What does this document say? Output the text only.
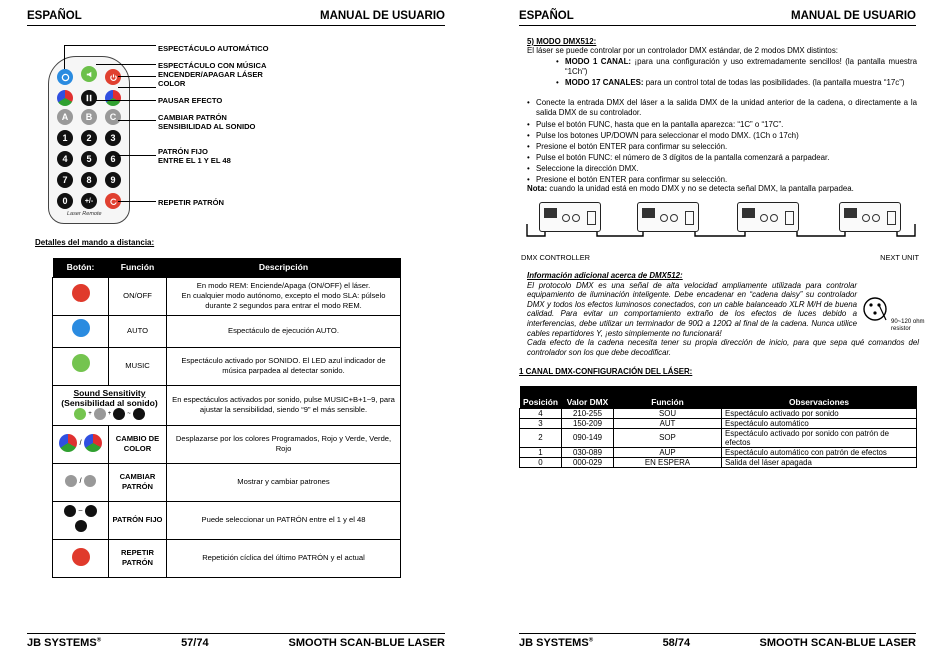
ESPAÑOL	MANUAL DE USUARIO
A	B	C
1	2	3
4	5	6
7	8	9
0	+/-
Laser Remote
ESPECTÁCULO AUTOMÁTICO
ESPECTÁCULO CON MÚSICA
ENCENDER/APAGAR LÁSER
COLOR
PAUSAR EFECTO
CAMBIAR PATRÓN
SENSIBILIDAD AL SONIDO
PATRÓN FIJO
ENTRE EL 1 Y EL 48
REPETIR PATRÓN
Detalles del mando a distancia:
Botón:	Función	Descripción

ON/OFF	ON/OFF	En modo REM: Enciende/Apaga (ON/OFF) el láser.
En cualquier modo autónomo, excepto el modo SLA: púlselo durante 2 segundos para entrar el modo REM.

AUTO	AUTO	Espectáculo de ejecución AUTO.

MUSIC	MUSIC	Espectáculo activado por SONIDO. El LED azul indicador de música parpadea al detectar sonido.

Sound Sensitivity
(Sensibilidad al sonido)
+ + ~		En espectáculos activados por sonido, pulse MUSIC+B+1~9, para ajustar la sensibilidad, siendo “9” el más sensible.

/	CAMBIO DE COLOR	Desplazarse por los colores Programados, Rojo y Verde, Verde, Rojo

/	CAMBIAR PATRÓN	Mostrar y cambiar patrones

~	PATRÓN FIJO	Puede seleccionar un PATRÓN entre el 1 y el 48
	REPETIR PATRÓN	Repetición cíclica del último PATRÓN y el actual
JB SYSTEMS®	57/74	SMOOTH SCAN-BLUE LASER
ESPAÑOL	MANUAL DE USUARIO
JB SYSTEMS®	58/74	SMOOTH SCAN-BLUE LASER
5) MODO DMX512:
El láser se puede controlar por un controlador DMX estándar, de 2 modos DMX distintos:
• MODO 1 CANAL: ¡para una configuración y uso extremadamente sencillos! (la pantalla muestra “1Ch”)
• MODO 17 CANALES: para un control total de todas las posibilidades. (la pantalla muestra “17c”)
• Conecte la entrada DMX del láser a la salida DMX de la unidad anterior de la cadena, o directamente a la salida DMX de su controlador.
• Pulse el botón FUNC, hasta que en la pantalla aparezca: “1C” o “17C”.
• Pulse los botones UP/DOWN para seleccionar el modo DMX. (1Ch o 17ch)
• Presione el botón ENTER para confirmar su selección.
• Pulse el botón FUNC: el número de 3 dígitos de la pantalla comenzará a parpadear.
• Seleccione la dirección DMX.
• Presione el botón ENTER para confirmar su selección.
Nota: cuando la unidad está en modo DMX y no se detecta señal DMX, la pantalla parpadea.
DMX CONTROLLER	NEXT UNIT
Información adicional acerca de DMX512:
El protocolo DMX es una señal de alta velocidad ampliamente utilizada para controlar equipamiento de iluminación inteligente. Debe encadenar en “cadena daisy” su controlador DMX y todos los efectos luminosos conectados, con un cable balanceado XLR M/H de buena calidad. Para evitar un comportamiento extraño de los efectos de luces debido a interferencias, debe utilizar un terminador de 90Ω a 120Ω al final de la cadena. Nunca utilice cables repartidores Y, ¡esto simplemente no funcionará!
Cada efecto de la cadena necesita tener su propia dirección de inicio, para que sepa qué comandos del controlador son los que debe decodificar.
90~120 ohm resistor
1 CANAL DMX-CONFIGURACIÓN DEL LÁSER:
Posición	Valor DMX	Función	Observaciones
4	210-255	SOU	Espectáculo activado por sonido
3	150-209	AUT	Espectáculo automático
2	090-149	SOP	Espectáculo activado por sonido con patrón de efectos
1	030-089	AUP	Espectáculo automático con patrón de efectos
0	000-029	EN ESPERA	Salida del láser apagada
